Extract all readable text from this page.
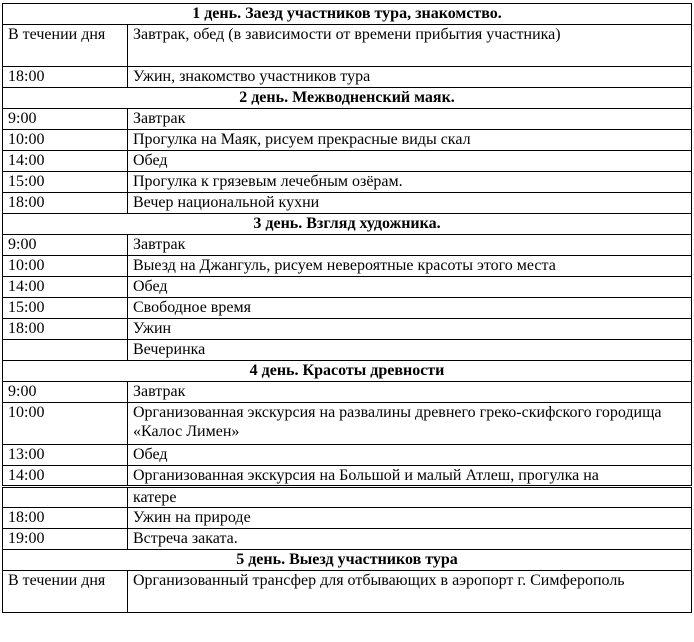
1 день. Заезд участников тура, знакомство.	
В течении дня	Завтрак, обед (в зависимости от времени прибытия участника)
18:00	Ужин, знакомство участников тура
2 день. Межводненский маяк.	
9:00	Завтрак
10:00	Прогулка на Маяк, рисуем прекрасные виды скал
14:00	Обед
15:00	Прогулка к грязевым лечебным озёрам.
18:00	Вечер национальной кухни
3 день. Взгляд художника.	
9:00	Завтрак
10:00	Выезд на Джангуль, рисуем невероятные красоты этого места
14:00	Обед
15:00	Свободное время
18:00	Ужин
	Вечеринка
4 день. Красоты древности	
9:00	Завтрак
10:00	Организованная экскурсия на развалины древнего греко-скифского городища «Калос Лимен»
13:00	Обед
14:00	Организованная экскурсия на Большой и малый Атлеш, прогулка на
	катере
18:00	Ужин на природе
19:00	Встреча заката.
5 день. Выезд участников тура	
В течении дня	Организованный трансфер для отбывающих в аэропорт г. Симферополь
